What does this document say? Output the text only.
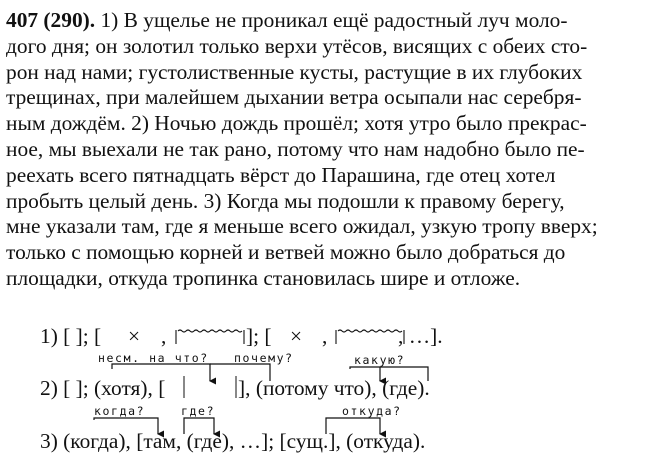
407 (290). 1) В ущелье не проникал ещё радостный луч моло-
дого дня; он золотил только верхи утёсов, висящих с обеих сто-
рон над нами; густолиственные кусты, растущие в их глубоких
трещинах, при малейшем дыхании ветра осыпали нас серебря-
ным дождём. 2) Ночью дождь прошёл; хотя утро было прекрас-
ное, мы выехали не так рано, потому что нам надобно было пе-
реехать всего пятнадцать вёрст до Парашина, где отец хотел
пробыть целый день. 3) Когда мы подошли к правому берегу,
мне указали там, где я меньше всего ожидал, узкую тропу вверх;
только с помощью корней и ветвей можно было добраться до
площадки, откуда тропинка становилась шире и отложе.
1) [ ]; [ × ,	]; [ × ,	, …].
несм. на что? почему?	какую?
2) [ ]; (хотя), [	], (потому что), (где).
когда?	где?	откуда?
3) (когда), [там, (где), …]; [сущ.], (откуда).
